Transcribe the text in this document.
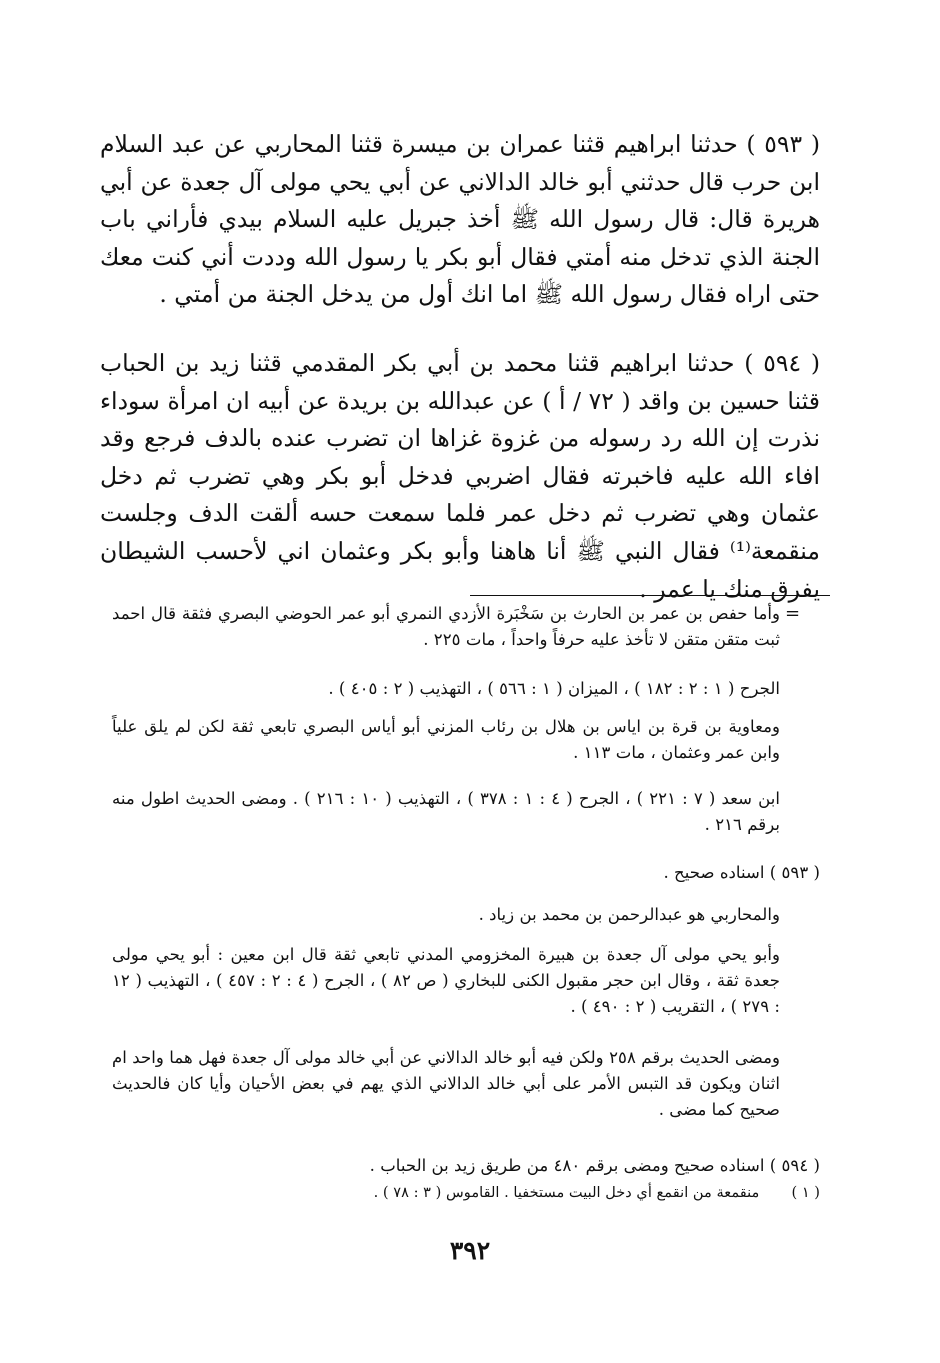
( ٥٩٣ ) حدثنا ابراهيم قثنا عمران بن ميسرة قثنا المحاربي عن عبد السلام ابن حرب قال حدثني أبو خالد الدالاني عن أبي يحي مولى آل جعدة عن أبي هريرة قال: قال رسول الله ﷺ أخذ جبريل عليه السلام بيدي فأراني باب الجنة الذي تدخل منه أمتي فقال أبو بكر يا رسول الله وددت أني كنت معك حتى اراه فقال رسول الله ﷺ اما انك أول من يدخل الجنة من أمتي .

( ٥٩٤ ) حدثنا ابراهيم قثنا محمد بن أبي بكر المقدمي قثنا زيد بن الحباب قثنا حسين بن واقد ( ٧٢ / أ ) عن عبدالله بن بريدة عن أبيه ان امرأة سوداء نذرت إن الله رد رسوله من غزوة غزاها ان تضرب عنده بالدف فرجع وقد افاء الله عليه فاخبرته فقال اضربي فدخل أبو بكر وهي تضرب ثم دخل عثمان وهي تضرب ثم دخل عمر فلما سمعت حسه ألقت الدف وجلست منقمعة⁽¹⁾ فقال النبي ﷺ أنا هاهنا وأبو بكر وعثمان اني لأحسب الشيطان يفرق منك يا عمر .

=
وأما حفص بن عمر بن الحارث بن سَخْبَرة الأزدي النمري أبو عمر الحوضي البصري فثقة قال احمد ثبت متقن متقن لا تأخذ عليه حرفاً واحداً ، مات ٢٢٥ .
الجرح ( ١ : ٢ : ١٨٢ ) ، الميزان ( ١ : ٥٦٦ ) ، التهذيب ( ٢ : ٤٠٥ ) .
ومعاوية بن قرة بن اياس بن هلال بن رئاب المزني أبو أياس البصري تابعي ثقة لكن لم يلق علياً وابن عمر وعثمان ، مات ١١٣ .
ابن سعد ( ٧ : ٢٢١ ) ، الجرح ( ٤ : ١ : ٣٧٨ ) ، التهذيب ( ١٠ : ٢١٦ ) . ومضى الحديث اطول منه برقم ٢١٦ .
( ٥٩٣ ) اسناده صحيح .
والمحاربي هو عبدالرحمن بن محمد بن زياد .
وأبو يحي مولى آل جعدة بن هبيرة المخزومي المدني تابعي ثقة قال ابن معين : أبو يحي مولى جعدة ثقة ، وقال ابن حجر مقبول الكنى للبخاري ( ص ٨٢ ) ، الجرح ( ٤ : ٢ : ٤٥٧ ) ، التهذيب ( ١٢ : ٢٧٩ ) ، التقريب ( ٢ : ٤٩٠ ) .
ومضى الحديث برقم ٢٥٨ ولكن فيه أبو خالد الدالاني عن أبي خالد مولى آل جعدة فهل هما واحد ام اثنان ويكون قد التبس الأمر على أبي خالد الدالاني الذي يهم في بعض الأحيان وأيا كان فالحديث صحيح كما مضى .
( ٥٩٤ ) اسناده صحيح ومضى برقم ٤٨٠ من طريق زيد بن الحباب .
( ١ ) منقمعة من انقمع أي دخل البيت مستخفيا . القاموس ( ٣ : ٧٨ ) .
٣٩٢
